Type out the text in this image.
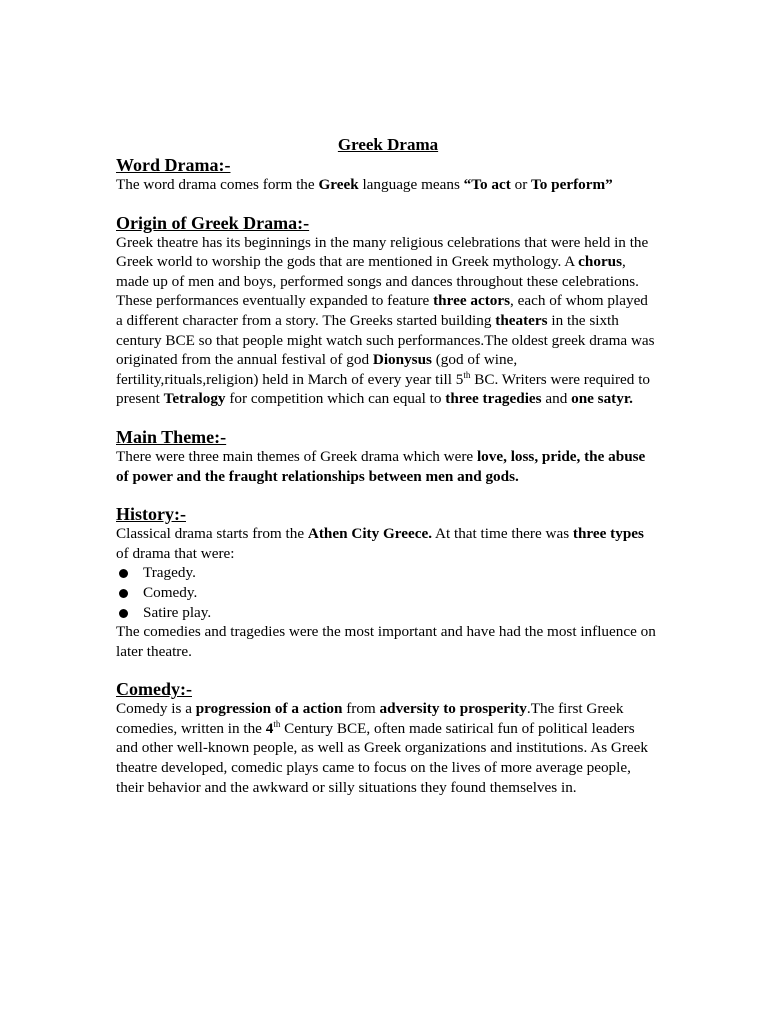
Greek Drama
Word Drama:-

The word drama comes form the Greek language means “To act or To perform”

Origin of Greek Drama:-

Greek theatre has its beginnings in the many religious celebrations that were held in the Greek world to worship the gods that are mentioned in Greek mythology. A chorus, made up of men and boys, performed songs and dances throughout these celebrations. These performances eventually expanded to feature three actors, each of whom played a different character from a story. The Greeks started building theaters in the sixth century BCE so that people might watch such performances.The oldest greek drama was originated from the annual festival of god Dionysus (god of wine, fertility,rituals,religion) held in March of every year till 5th BC. Writers were required to present Tetralogy for competition which can equal to three tragedies and one satyr.

Main Theme:-

There were three main themes of Greek drama which were love, loss, pride, the abuse of power and the fraught relationships between men and gods.

History:-

Classical drama starts from the Athen City Greece. At that time there was three types of drama that were:

Tragedy.
Comedy.
Satire play.

The comedies and tragedies were the most important and have had the most influence on later theatre.

Comedy:-

Comedy is a progression of a action from adversity to prosperity.The first Greek comedies, written in the 4th Century BCE, often made satirical fun of political leaders and other well-known people, as well as Greek organizations and institutions. As Greek theatre developed, comedic plays came to focus on the lives of more average people, their behavior and the awkward or silly situations they found themselves in.
